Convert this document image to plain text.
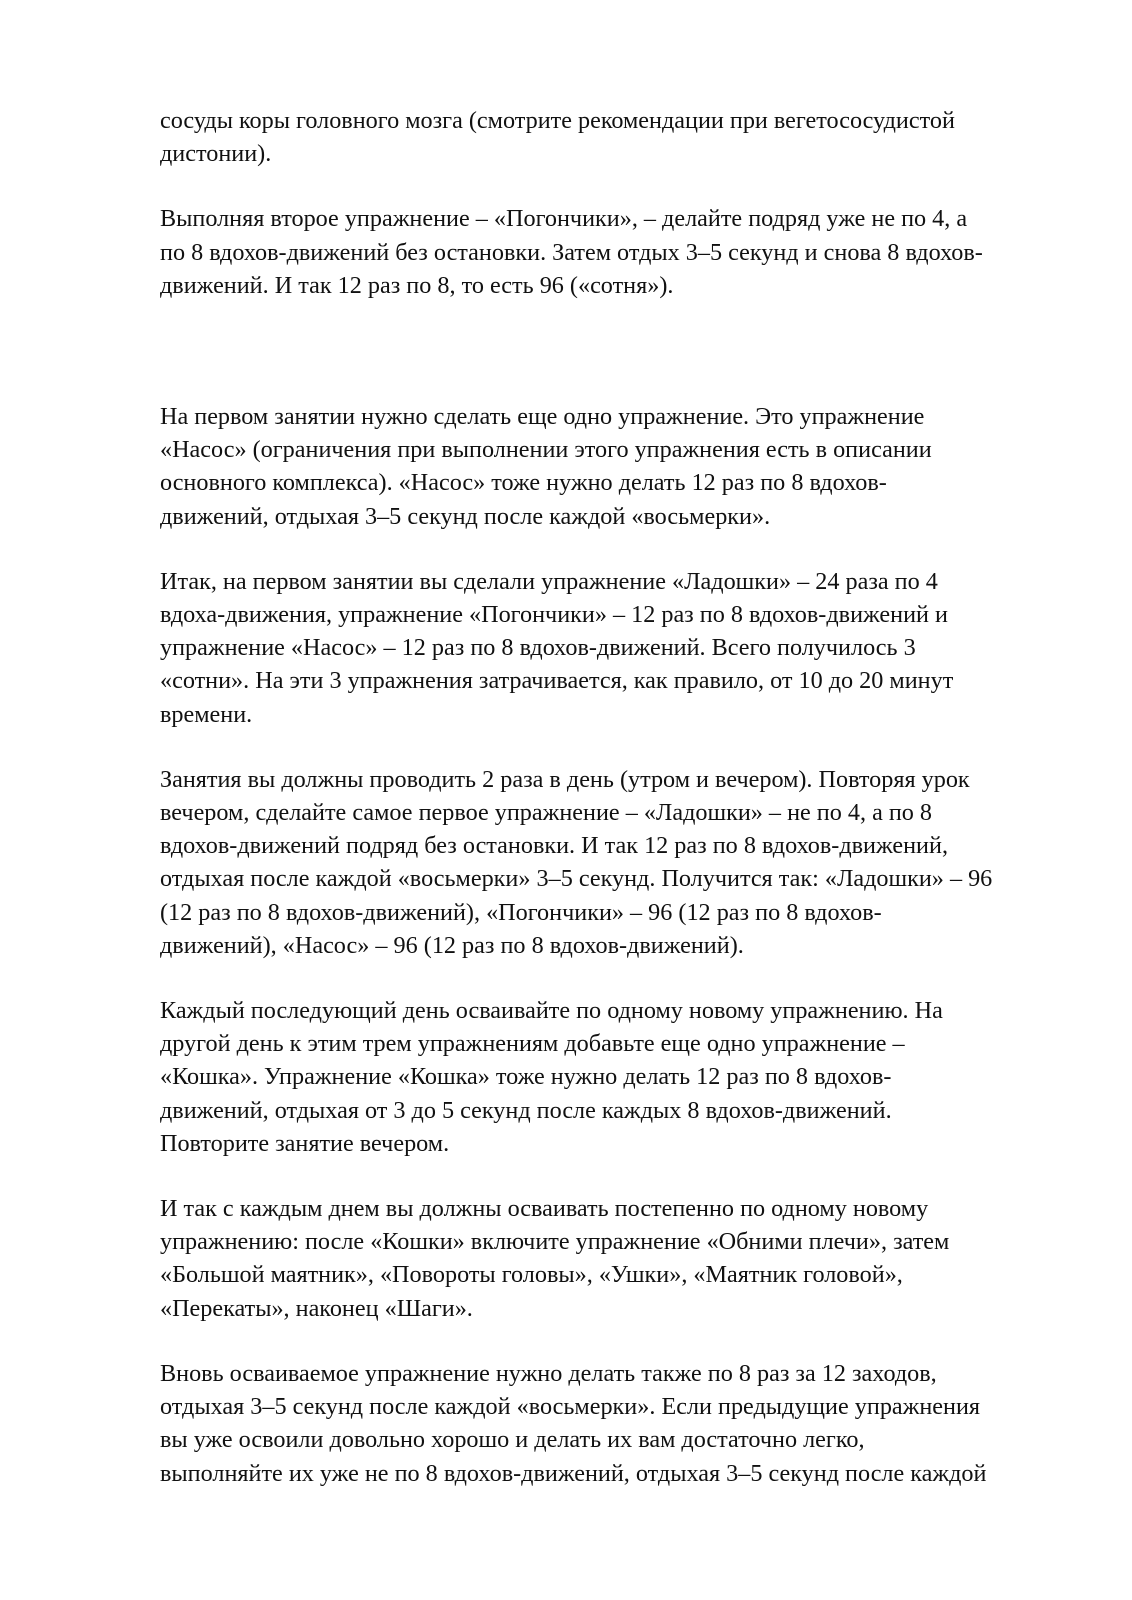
сосуды коры головного мозга (смотрите рекомендации при вегетососудистой
дистонии).

Выполняя второе упражнение – «Погончики», – делайте подряд уже не по 4, а
по 8 вдохов-движений без остановки. Затем отдых 3–5 секунд и снова 8 вдохов-
движений. И так 12 раз по 8, то есть 96 («сотня»).

На первом занятии нужно сделать еще одно упражнение. Это упражнение
«Насос» (ограничения при выполнении этого упражнения есть в описании
основного комплекса). «Насос» тоже нужно делать 12 раз по 8 вдохов-
движений, отдыхая 3–5 секунд после каждой «восьмерки».

Итак, на первом занятии вы сделали упражнение «Ладошки» – 24 раза по 4
вдоха-движения, упражнение «Погончики» – 12 раз по 8 вдохов-движений и
упражнение «Насос» – 12 раз по 8 вдохов-движений. Всего получилось 3
«сотни». На эти 3 упражнения затрачивается, как правило, от 10 до 20 минут
времени.

Занятия вы должны проводить 2 раза в день (утром и вечером). Повторяя урок
вечером, сделайте самое первое упражнение – «Ладошки» – не по 4, а по 8
вдохов-движений подряд без остановки. И так 12 раз по 8 вдохов-движений,
отдыхая после каждой «восьмерки» 3–5 секунд. Получится так: «Ладошки» – 96
(12 раз по 8 вдохов-движений), «Погончики» – 96 (12 раз по 8 вдохов-
движений), «Насос» – 96 (12 раз по 8 вдохов-движений).

Каждый последующий день осваивайте по одному новому упражнению. На
другой день к этим трем упражнениям добавьте еще одно упражнение –
«Кошка». Упражнение «Кошка» тоже нужно делать 12 раз по 8 вдохов-
движений, отдыхая от 3 до 5 секунд после каждых 8 вдохов-движений.
Повторите занятие вечером.

И так с каждым днем вы должны осваивать постепенно по одному новому
упражнению: после «Кошки» включите упражнение «Обними плечи», затем
«Большой маятник», «Повороты головы», «Ушки», «Маятник головой»,
«Перекаты», наконец «Шаги».

Вновь осваиваемое упражнение нужно делать также по 8 раз за 12 заходов,
отдыхая 3–5 секунд после каждой «восьмерки». Если предыдущие упражнения
вы уже освоили довольно хорошо и делать их вам достаточно легко,
выполняйте их уже не по 8 вдохов-движений, отдыхая 3–5 секунд после каждой
